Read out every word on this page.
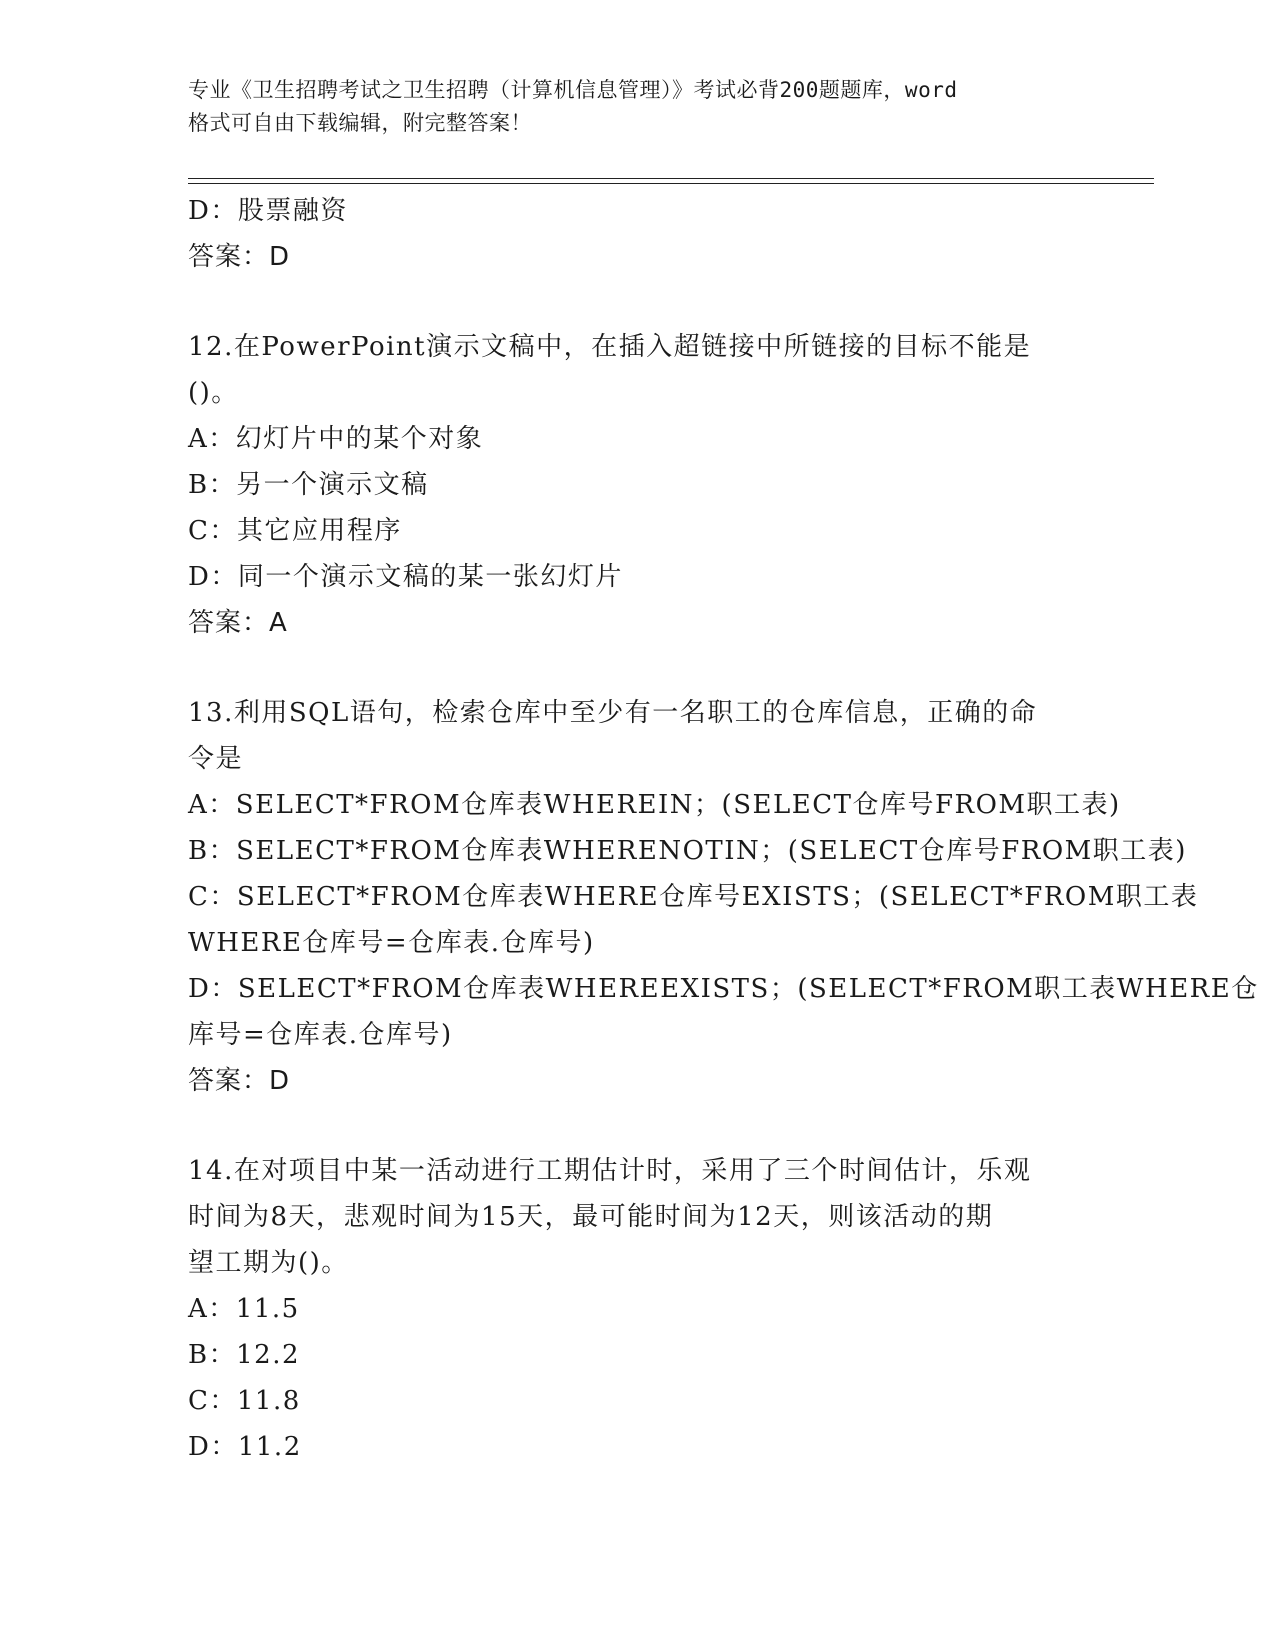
专业《卫生招聘考试之卫生招聘（计算机信息管理）》考试必背200题题库，word
格式可自由下载编辑，附完整答案！
D：股票融资
答案：D
12.在PowerPoint演示文稿中，在插入超链接中所链接的目标不能是
()。
A：幻灯片中的某个对象
B：另一个演示文稿
C：其它应用程序
D：同一个演示文稿的某一张幻灯片
答案：A
13.利用SQL语句，检索仓库中至少有一名职工的仓库信息，正确的命
令是
A：SELECT*FROM仓库表WHEREIN；(SELECT仓库号FROM职工表)
B：SELECT*FROM仓库表WHERENOTIN；(SELECT仓库号FROM职工表)
C：SELECT*FROM仓库表WHERE仓库号EXISTS；(SELECT*FROM职工表
WHERE仓库号=仓库表.仓库号)
D：SELECT*FROM仓库表WHEREEXISTS；(SELECT*FROM职工表WHERE仓
库号=仓库表.仓库号)
答案：D
14.在对项目中某一活动进行工期估计时，采用了三个时间估计，乐观
时间为8天，悲观时间为15天，最可能时间为12天，则该活动的期
望工期为()。
A：11.5
B：12.2
C：11.8
D：11.2
